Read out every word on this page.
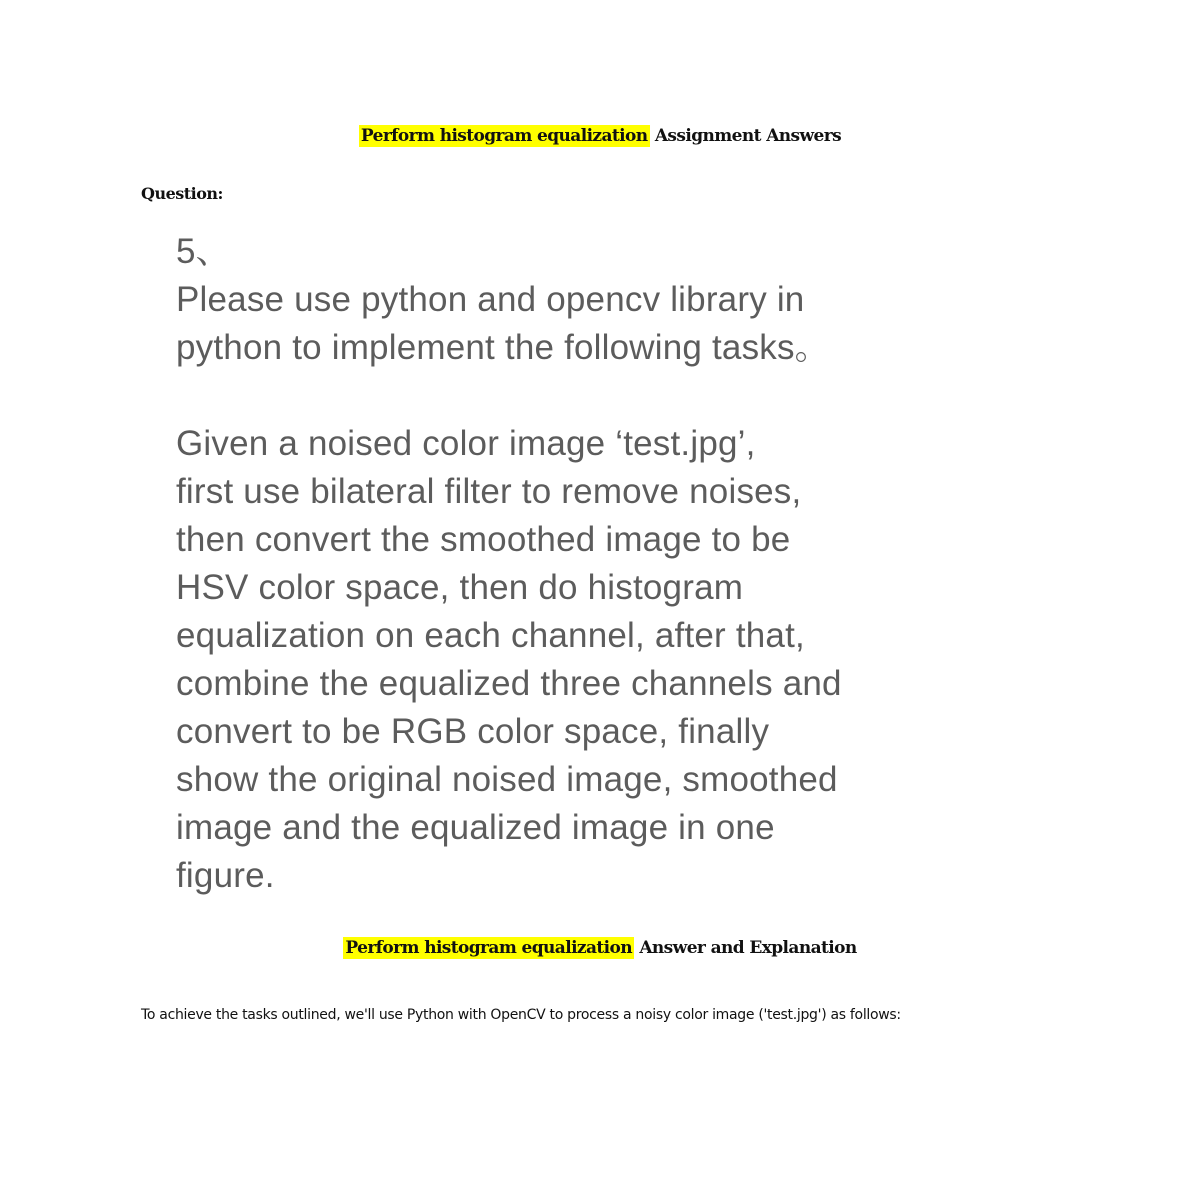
Perform histogram equalization Assignment Answers
Question:
5、
Please use python and opencv library in
python to implement the following tasks。
Given a noised color image ‘test.jpg’,
first use bilateral filter to remove noises,
then convert the smoothed image to be
HSV color space, then do histogram
equalization on each channel, after that,
combine the equalized three channels and
convert to be RGB color space, finally
show the original noised image, smoothed
image and the equalized image in one
figure.
Perform histogram equalization Answer and Explanation
To achieve the tasks outlined, we'll use Python with OpenCV to process a noisy color image ('test.jpg') as follows:
